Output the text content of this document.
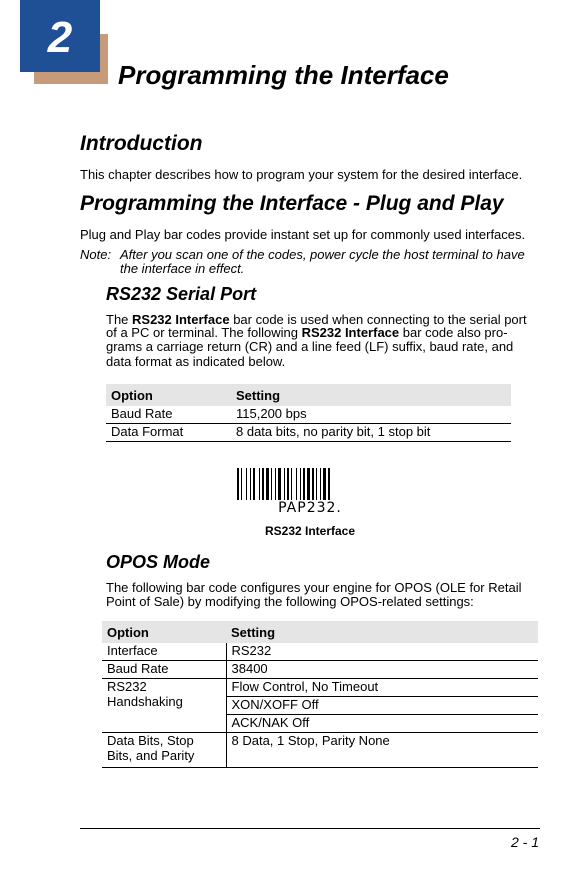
2
Programming the Interface
Introduction
This chapter describes how to program your system for the desired interface.
Programming the Interface - Plug and Play
Plug and Play bar codes provide instant set up for commonly used interfaces.
Note: After you scan one of the codes, power cycle the host terminal to have
the interface in effect.
RS232 Serial Port
The RS232 Interface bar code is used when connecting to the serial port
of a PC or terminal. The following RS232 Interface bar code also pro-
grams a carriage return (CR) and a line feed (LF) suffix, baud rate, and
data format as indicated below.
Option	Setting
Baud Rate	115,200 bps
Data Format	8 data bits, no parity bit, 1 stop bit
PAP232.
RS232 Interface
OPOS Mode
The following bar code configures your engine for OPOS (OLE for Retail
Point of Sale) by modifying the following OPOS-related settings:
Option	Setting
Interface	RS232
Baud Rate	38400
RS232 Handshaking	Flow Control, No Timeout
	XON/XOFF Off
	ACK/NAK Off
Data Bits, Stop Bits, and Parity	8 Data, 1 Stop, Parity None
2 - 1
